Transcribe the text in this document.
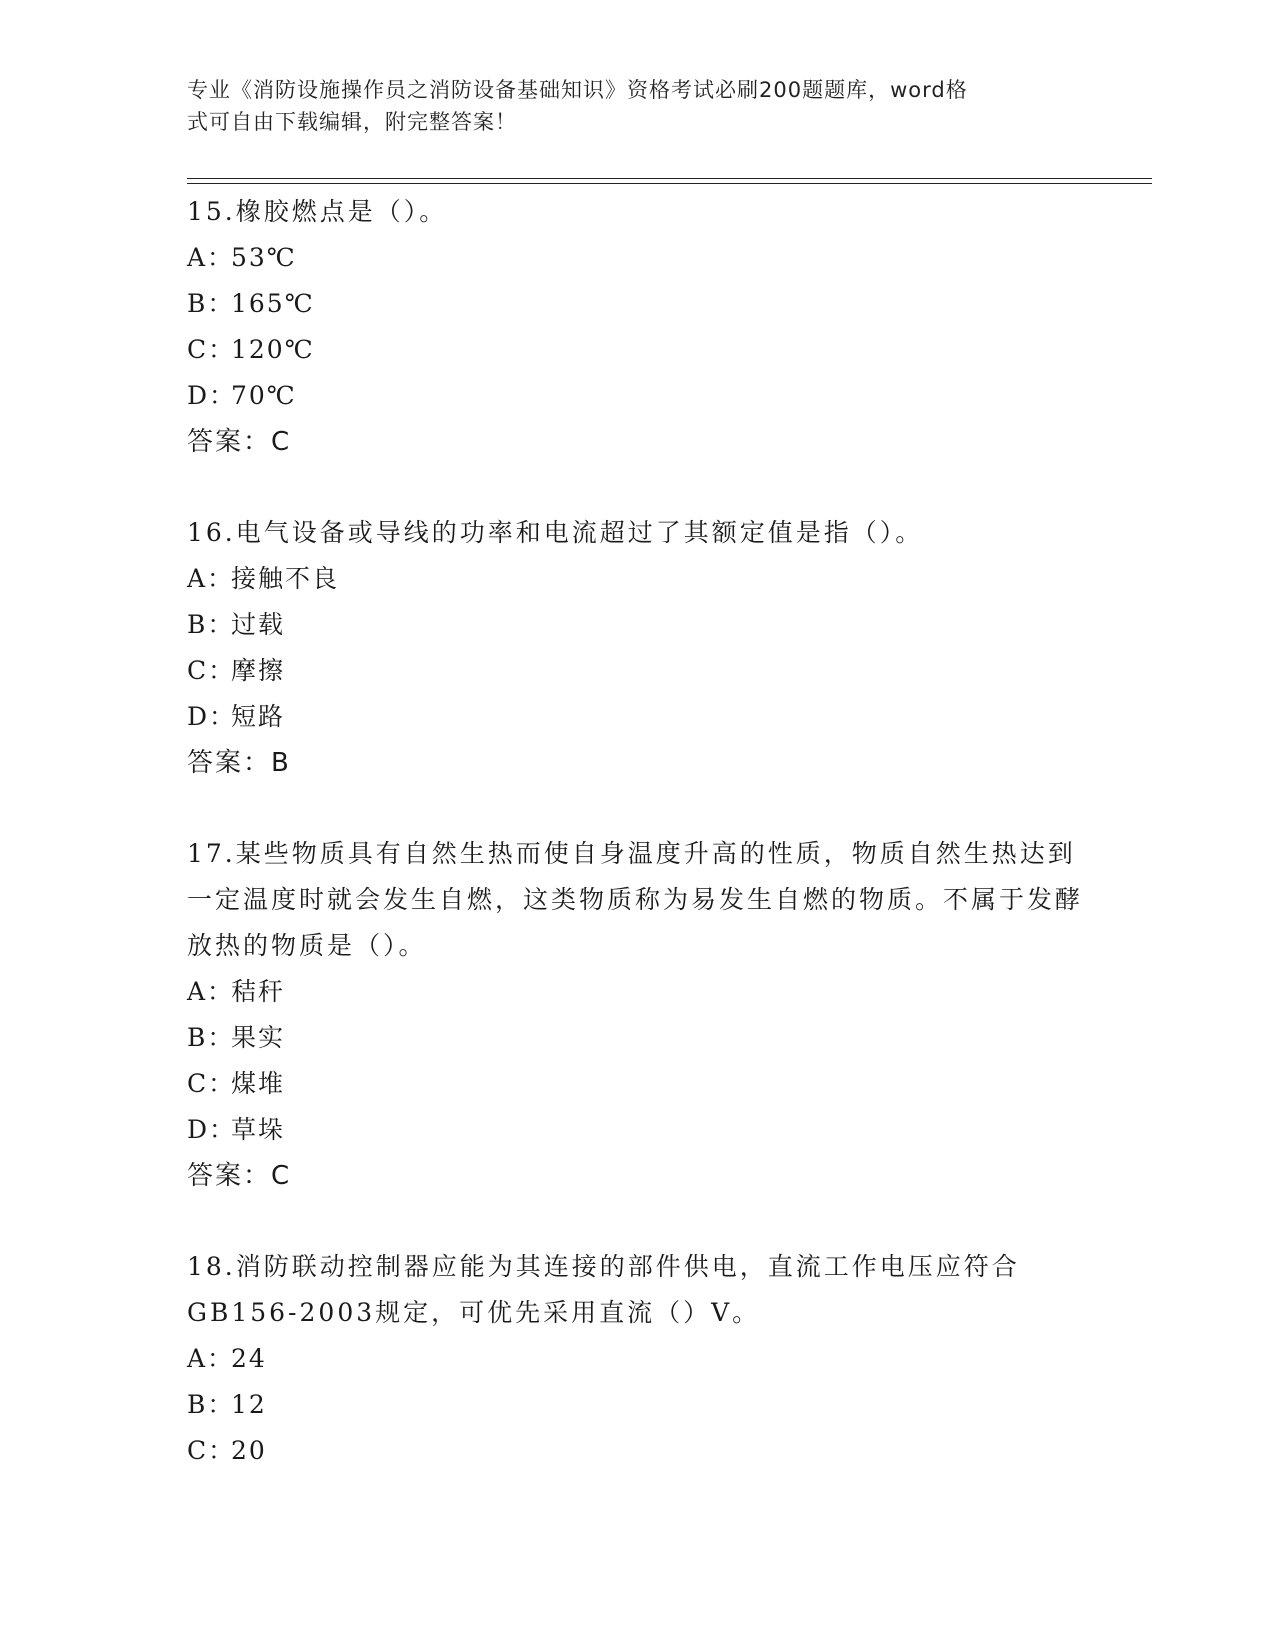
专业《消防设施操作员之消防设备基础知识》资格考试必刷200题题库，word格
式可自由下载编辑，附完整答案！

15.橡胶燃点是（）。

A：53℃

B：165℃

C：120℃

D：70℃

答案：C

16.电气设备或导线的功率和电流超过了其额定值是指（）。

A：接触不良

B：过载

C：摩擦

D：短路

答案：B

17.某些物质具有自然生热而使自身温度升高的性质，物质自然生热达到一定温度时就会发生自燃，这类物质称为易发生自燃的物质。不属于发酵放热的物质是（）。

A：秸秆

B：果实

C：煤堆

D：草垛

答案：C

18.消防联动控制器应能为其连接的部件供电，直流工作电压应符合GB156-2003规定，可优先采用直流（）V。

A：24

B：12

C：20
